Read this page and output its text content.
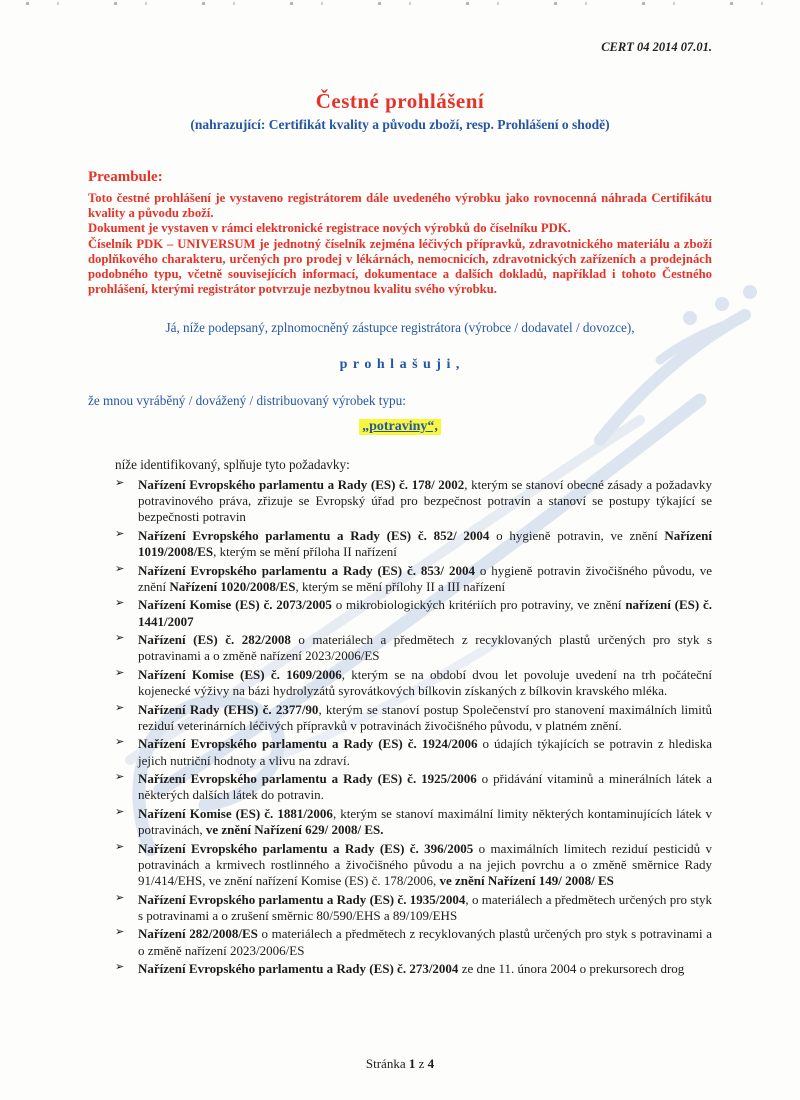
CERT 04 2014 07.01.
Čestné prohlášení
(nahrazující: Certifikát kvality a původu zboží, resp. Prohlášení o shodě)
Preambule:
Toto čestné prohlášení je vystaveno registrátorem dále uvedeného výrobku jako rovnocenná náhrada Certifikátu kvality a původu zboží.
Dokument je vystaven v rámci elektronické registrace nových výrobků do číselníku PDK.
Číselník PDK – UNIVERSUM je jednotný číselník zejména léčivých přípravků, zdravotnického materiálu a zboží doplňkového charakteru, určených pro prodej v lékárnách, nemocnicích, zdravotnických zařízeních a prodejnách podobného typu, včetně souvisejících informací, dokumentace a dalších dokladů, například i tohoto Čestného prohlášení, kterými registrátor potvrzuje nezbytnou kvalitu svého výrobku.
Já, níže podepsaný, zplnomocněný zástupce registrátora (výrobce / dodavatel / dovozce),
p r o h l a š u j i ,
že mnou vyráběný / dovážený / distribuovaný výrobek typu:
„potraviny“,
níže identifikovaný, splňuje tyto požadavky:
➢ Nařízení Evropského parlamentu a Rady (ES) č. 178/ 2002, kterým se stanoví obecné zásady a požadavky potravinového práva, zřizuje se Evropský úřad pro bezpečnost potravin a stanoví se postupy týkající se bezpečnosti potravin
➢ Nařízení Evropského parlamentu a Rady (ES) č. 852/ 2004 o hygieně potravin, ve znění Nařízení 1019/2008/ES, kterým se mění příloha II nařízení
➢ Nařízení Evropského parlamentu a Rady (ES) č. 853/ 2004 o hygieně potravin živočišného původu, ve znění Nařízení 1020/2008/ES, kterým se mění přílohy II a III nařízení
➢ Nařízení Komise (ES) č. 2073/2005 o mikrobiologických kritériích pro potraviny, ve znění nařízení (ES) č. 1441/2007
➢ Nařízení (ES) č. 282/2008 o materiálech a předmětech z recyklovaných plastů určených pro styk s potravinami a o změně nařízení 2023/2006/ES
➢ Nařízení Komise (ES) č. 1609/2006, kterým se na období dvou let povoluje uvedení na trh počáteční kojenecké výživy na bázi hydrolyzátů syrovátkových bílkovin získaných z bílkovin kravského mléka.
➢ Nařízení Rady (EHS) č. 2377/90, kterým se stanoví postup Společenství pro stanovení maximálních limitů reziduí veterinárních léčivých přípravků v potravinách živočišného původu, v platném znění.
➢ Nařízení Evropského parlamentu a Rady (ES) č. 1924/2006 o údajích týkajících se potravin z hlediska jejich nutriční hodnoty a vlivu na zdraví.
➢ Nařízení Evropského parlamentu a Rady (ES) č. 1925/2006 o přidávání vitaminů a minerálních látek a některých dalších látek do potravin.
➢ Nařízení Komise (ES) č. 1881/2006, kterým se stanoví maximální limity některých kontaminujících látek v potravinách, ve znění Nařízení 629/ 2008/ ES.
➢ Nařízení Evropského parlamentu a Rady (ES) č. 396/2005 o maximálních limitech reziduí pesticidů v potravinách a krmivech rostlinného a živočišného původu a na jejich povrchu a o změně směrnice Rady 91/414/EHS, ve znění nařízení Komise (ES) č. 178/2006, ve znění Nařízení 149/ 2008/ ES
➢ Nařízení Evropského parlamentu a Rady (ES) č. 1935/2004, o materiálech a předmětech určených pro styk s potravinami a o zrušení směrnic 80/590/EHS a 89/109/EHS
➢ Nařízení 282/2008/ES o materiálech a předmětech z recyklovaných plastů určených pro styk s potravinami a o změně nařízení 2023/2006/ES
➢ Nařízení Evropského parlamentu a Rady (ES) č. 273/2004 ze dne 11. února 2004 o prekursorech drog
Stránka 1 z 4
